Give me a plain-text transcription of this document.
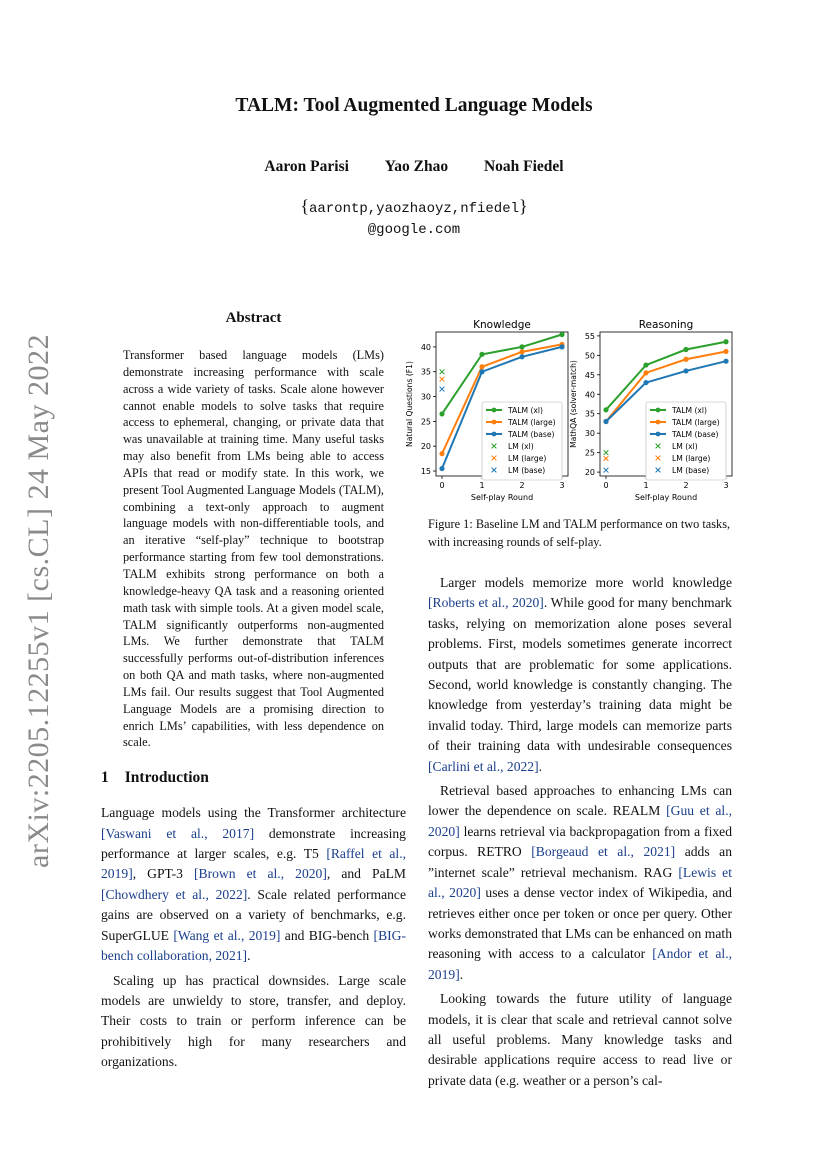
arXiv:2205.12255v1 [cs.CL] 24 May 2022
TALM: Tool Augmented Language Models
Aaron Parisi Yao Zhao Noah Fiedel
{aarontp,yaozhaoyz,nfiedel}
@google.com
Abstract
Transformer based language models (LMs) demonstrate increasing performance with scale across a wide variety of tasks. Scale alone however cannot enable models to solve tasks that require access to ephemeral, changing, or private data that was unavailable at training time. Many useful tasks may also benefit from LMs being able to access APIs that read or modify state. In this work, we present Tool Augmented Language Models (TALM), combining a text-only approach to augment language models with non-differentiable tools, and an iterative “self-play” technique to bootstrap performance starting from few tool demonstrations. TALM exhibits strong performance on both a knowledge-heavy QA task and a reasoning oriented math task with simple tools. At a given model scale, TALM significantly outperforms non-augmented LMs. We further demonstrate that TALM successfully performs out-of-distribution inferences on both QA and math tasks, where non-augmented LMs fail. Our results suggest that Tool Augmented Language Models are a promising direction to enrich LMs’ capabilities, with less dependence on scale.
1 Introduction

Language models using the Transformer architecture [Vaswani et al., 2017] demonstrate increasing performance at larger scales, e.g. T5 [Raffel et al., 2019], GPT-3 [Brown et al., 2020], and PaLM [Chowdhery et al., 2022]. Scale related performance gains are observed on a variety of benchmarks, e.g. SuperGLUE [Wang et al., 2019] and BIG-bench [BIG-bench collaboration, 2021].

Scaling up has practical downsides. Large scale models are unwieldy to store, transfer, and deploy. Their costs to train or perform inference can be prohibitively high for many researchers and organizations.

Knowledge
Self-play Round
Natural Questions (F1)
0	1	2	3
15
20
25
30
35
40
TALM (xl)
TALM (large)
TALM (base)
LM (xl)
LM (large)
LM (base)
Reasoning
Self-play Round
MathQA (solver-match)
0	1	2	3
20
25
30
35
40
45
50
55
TALM (xl)
TALM (large)
TALM (base)
LM (xl)
LM (large)
LM (base)
Figure 1: Baseline LM and TALM performance on two tasks, with increasing rounds of self-play.

Larger models memorize more world knowledge [Roberts et al., 2020]. While good for many benchmark tasks, relying on memorization alone poses several problems. First, models sometimes generate incorrect outputs that are problematic for some applications. Second, world knowledge is constantly changing. The knowledge from yesterday’s training data might be invalid today. Third, large models can memorize parts of their training data with undesirable consequences [Carlini et al., 2022].

Retrieval based approaches to enhancing LMs can lower the dependence on scale. REALM [Guu et al., 2020] learns retrieval via backpropagation from a fixed corpus. RETRO [Borgeaud et al., 2021] adds an ”internet scale” retrieval mechanism. RAG [Lewis et al., 2020] uses a dense vector index of Wikipedia, and retrieves either once per token or once per query. Other works demonstrated that LMs can be enhanced on math reasoning with access to a calculator [Andor et al., 2019].

Looking towards the future utility of language models, it is clear that scale and retrieval cannot solve all useful problems. Many knowledge tasks and desirable applications require access to read live or private data (e.g. weather or a person’s cal-
